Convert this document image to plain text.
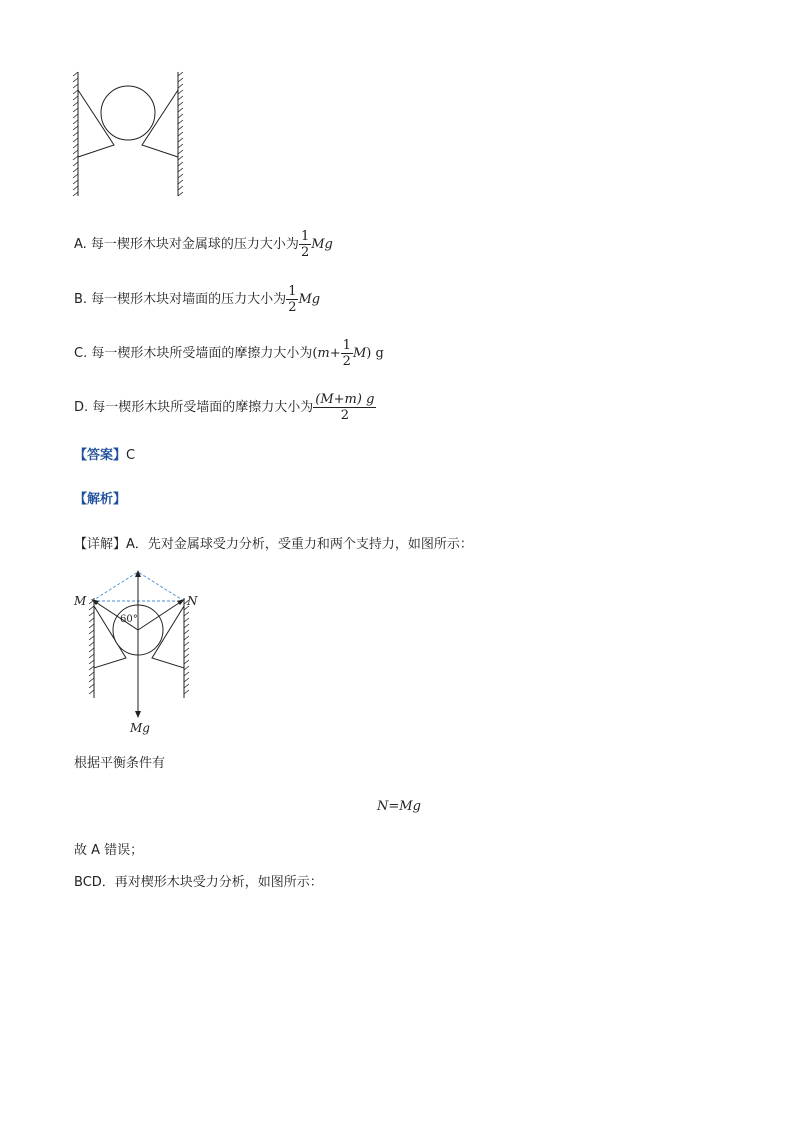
A. 每一楔形木块对金属球的压力大小为 $\frac{1}{2}$ Mg
B. 每一楔形木块对墙面的压力大小为 $\frac{1}{2}$ Mg
C. 每一楔形木块所受墙面的摩擦力大小为$(m+ \frac{1}{2} M)$ g
D. 每一楔形木块所受墙面的摩擦力大小为 $\frac{(M+m) g}{2}$
【答案】C
【解析】
【详解】A．先对金属球受力分析，受重力和两个支持力，如图所示：
M	N
60°
Mg
根据平衡条件有
N=Mg
故 A 错误；
BCD．再对楔形木块受力分析，如图所示：
